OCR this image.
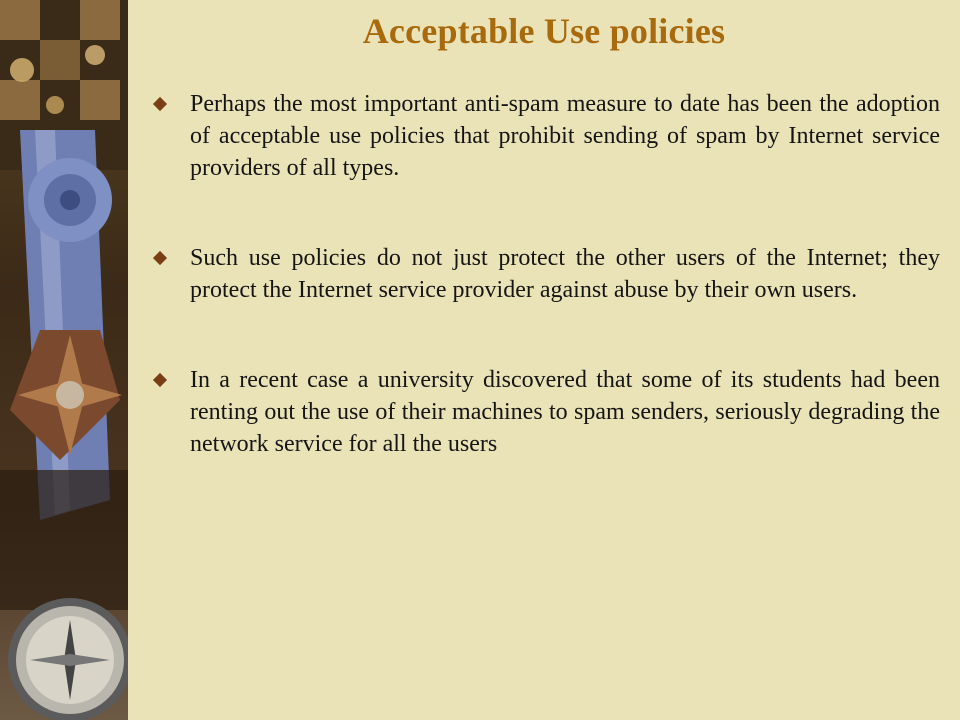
Acceptable Use policies
Perhaps the most important anti-spam measure to date has been the adoption of acceptable use policies that prohibit sending of spam by Internet service providers of all types.
Such use policies do not just protect the other users of the Internet; they protect the Internet service provider against abuse by their own users.
In a recent case a university discovered that some of its students had been renting out the use of their machines to spam senders, seriously degrading the network service for all the users
